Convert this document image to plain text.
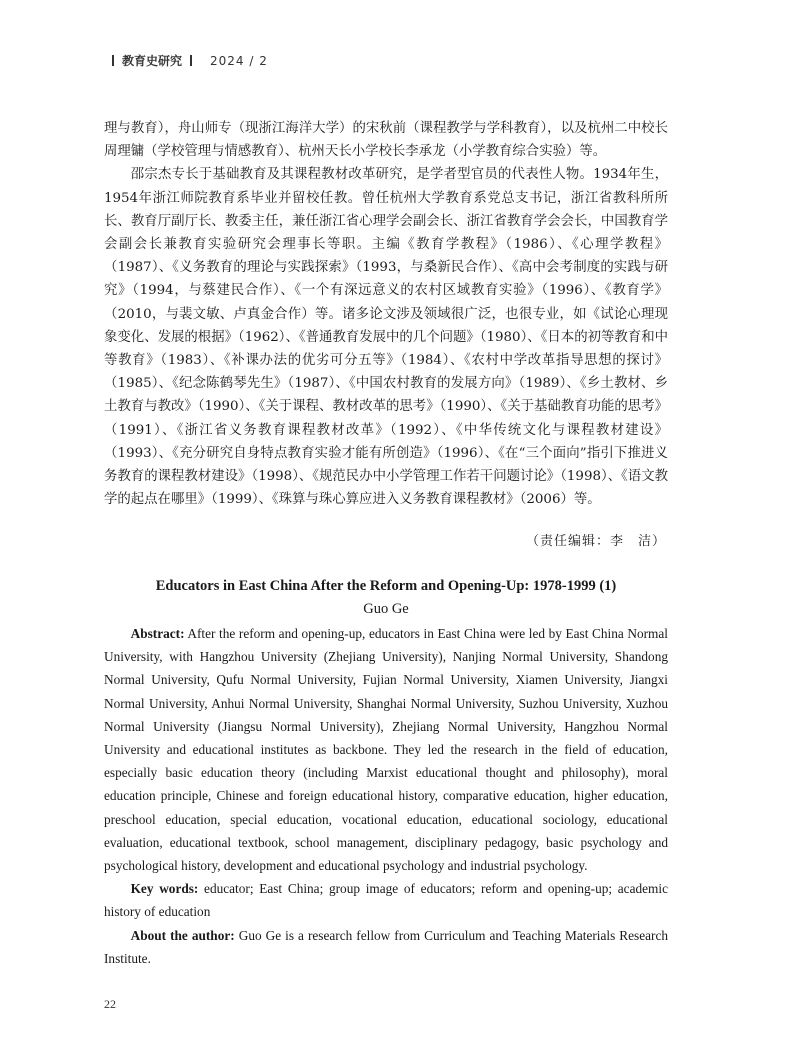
教育史研究 2024 / 2

理与教育），舟山师专（现浙江海洋大学）的宋秋前（课程教学与学科教育），以及杭州二中校长周理镛（学校管理与情感教育）、杭州天长小学校长李承龙（小学教育综合实验）等。

邵宗杰专长于基础教育及其课程教材改革研究，是学者型官员的代表性人物。1934年生，1954年浙江师院教育系毕业并留校任教。曾任杭州大学教育系党总支书记，浙江省教科所所长、教育厅副厅长、教委主任，兼任浙江省心理学会副会长、浙江省教育学会会长，中国教育学会副会长兼教育实验研究会理事长等职。主编《教育学教程》（1986）、《心理学教程》（1987）、《义务教育的理论与实践探索》（1993，与桑新民合作）、《高中会考制度的实践与研究》（1994，与蔡建民合作）、《一个有深远意义的农村区域教育实验》（1996）、《教育学》（2010，与裴文敏、卢真金合作）等。诸多论文涉及领域很广泛，也很专业，如《试论心理现象变化、发展的根据》（1962）、《普通教育发展中的几个问题》（1980）、《日本的初等教育和中等教育》（1983）、《补课办法的优劣可分五等》（1984）、《农村中学改革指导思想的探讨》（1985）、《纪念陈鹤琴先生》（1987）、《中国农村教育的发展方向》（1989）、《乡土教材、乡土教育与教改》（1990）、《关于课程、教材改革的思考》（1990）、《关于基础教育功能的思考》（1991）、《浙江省义务教育课程教材改革》（1992）、《中华传统文化与课程教材建设》（1993）、《充分研究自身特点教育实验才能有所创造》（1996）、《在“三个面向”指引下推进义务教育的课程教材建设》（1998）、《规范民办中小学管理工作若干问题讨论》（1998）、《语文教学的起点在哪里》（1999）、《珠算与珠心算应进入义务教育课程教材》（2006）等。

（责任编辑：李　洁）
Educators in East China After the Reform and Opening-Up: 1978-1999 (1)
Guo Ge

Abstract: After the reform and opening-up, educators in East China were led by East China Normal University, with Hangzhou University (Zhejiang University), Nanjing Normal University, Shandong Normal University, Qufu Normal University, Fujian Normal University, Xiamen University, Jiangxi Normal University, Anhui Normal University, Shanghai Normal University, Suzhou University, Xuzhou Normal University (Jiangsu Normal University), Zhejiang Normal University, Hangzhou Normal University and educational institutes as backbone. They led the research in the field of education, especially basic education theory (including Marxist educational thought and philosophy), moral education principle, Chinese and foreign educational history, comparative education, higher education, preschool education, special education, vocational education, educational sociology, educational evaluation, educational textbook, school management, disciplinary pedagogy, basic psychology and psychological history, development and educational psychology and industrial psychology.

Key words: educator; East China; group image of educators; reform and opening-up; academic history of education

About the author: Guo Ge is a research fellow from Curriculum and Teaching Materials Research Institute.

22
